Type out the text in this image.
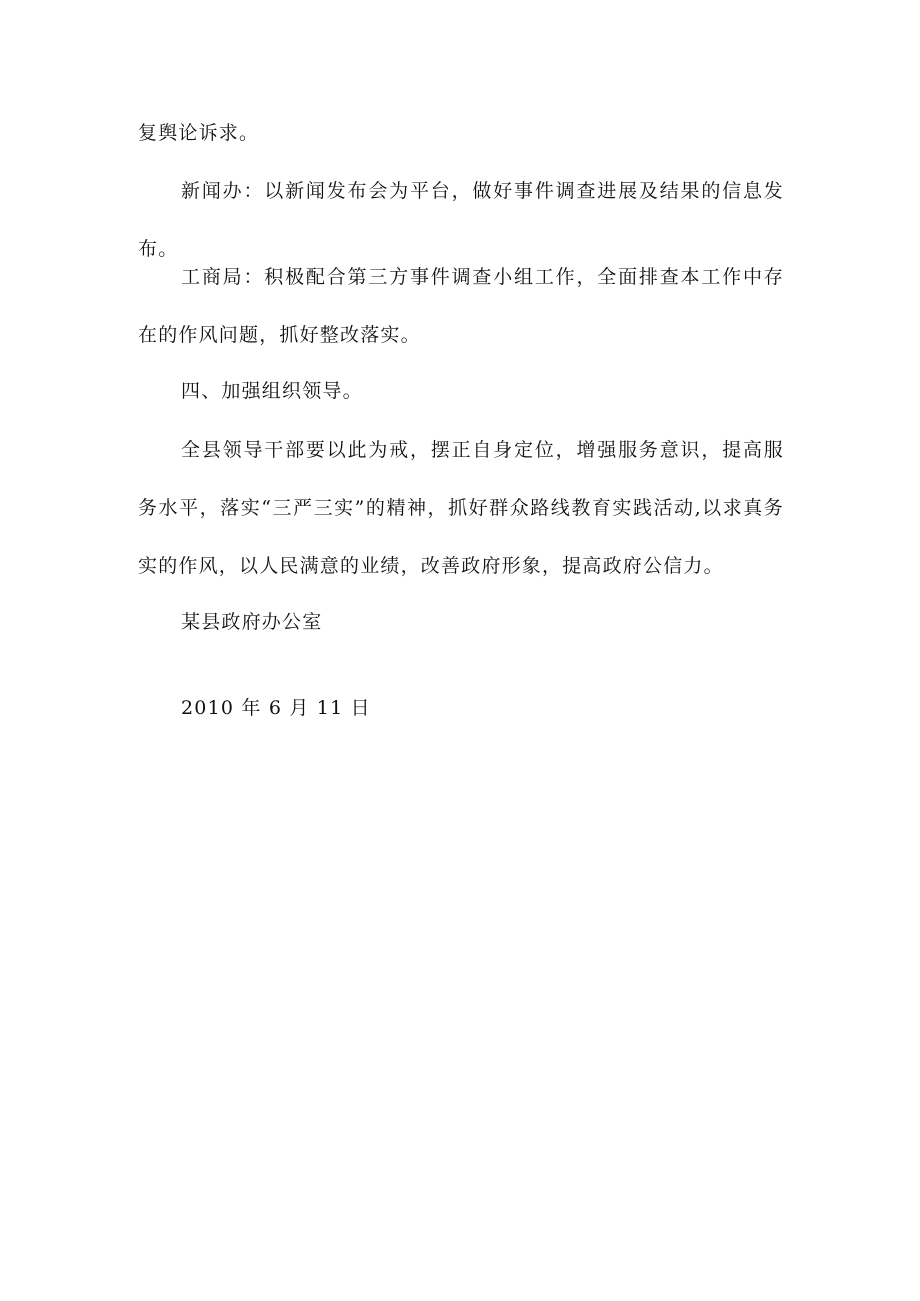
复舆论诉求。

新闻办：以新闻发布会为平台，做好事件调查进展及结果的信息发布。

工商局：积极配合第三方事件调查小组工作，全面排查本工作中存在的作风问题，抓好整改落实。

四、加强组织领导。

全县领导干部要以此为戒，摆正自身定位，增强服务意识，提高服务水平，落实“三严三实”的精神，抓好群众路线教育实践活动,以求真务实的作风，以人民满意的业绩，改善政府形象，提高政府公信力。

某县政府办公室

2010 年 6 月 11 日
